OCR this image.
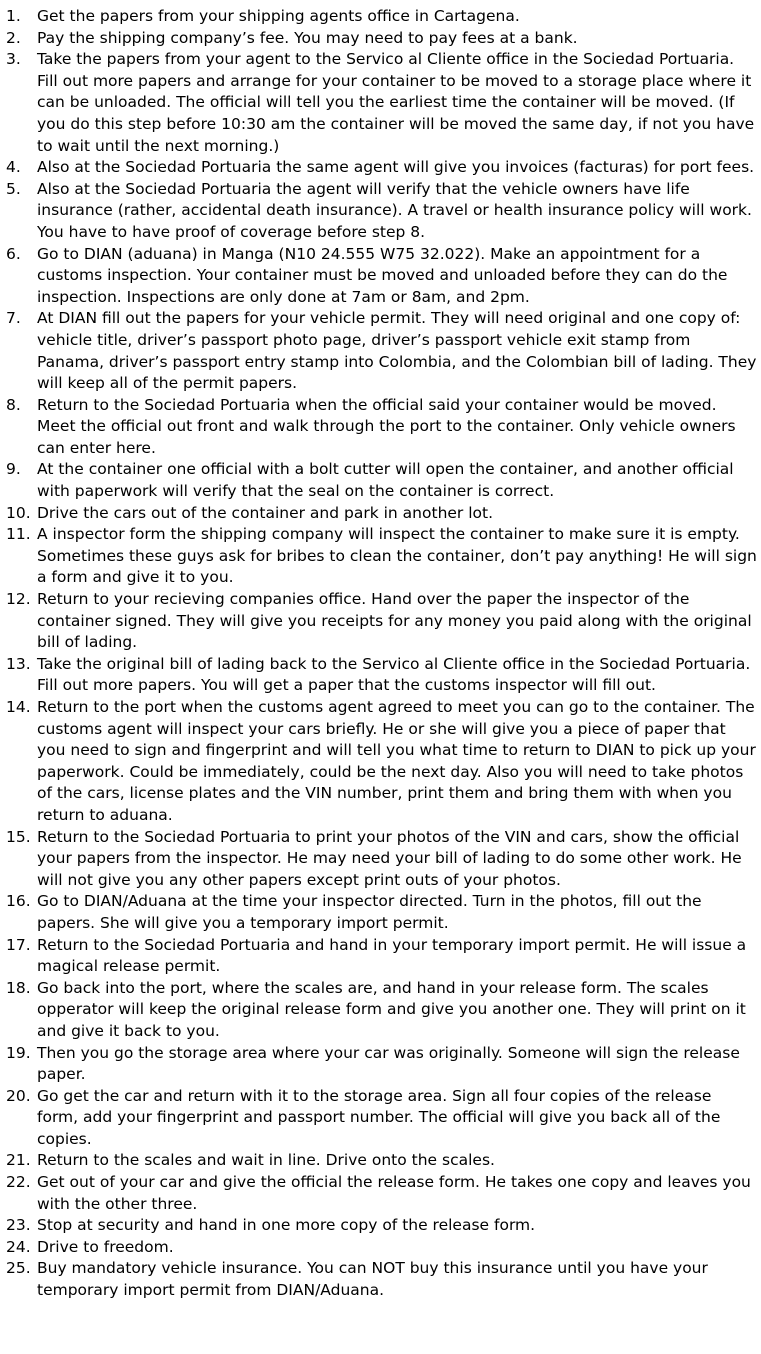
1.	Get the papers from your shipping agents office in Cartagena.
2.	Pay the shipping company’s fee. You may need to pay fees at a bank.
3.	Take the papers from your agent to the Servico al Cliente office in the Sociedad Portuaria. Fill out more papers and arrange for your container to be moved to a storage place where it can be unloaded. The official will tell you the earliest time the container will be moved. (If you do this step before 10:30 am the container will be moved the same day, if not you have to wait until the next morning.)
4.	Also at the Sociedad Portuaria the same agent will give you invoices (facturas) for port fees.
5.	Also at the Sociedad Portuaria the agent will verify that the vehicle owners have life insurance (rather, accidental death insurance). A travel or health insurance policy will work. You have to have proof of coverage before step 8.
6.	Go to DIAN (aduana) in Manga (N10 24.555 W75 32.022). Make an appointment for a customs inspection. Your container must be moved and unloaded before they can do the inspection. Inspections are only done at 7am or 8am, and 2pm.
7.	At DIAN fill out the papers for your vehicle permit. They will need original and one copy of: vehicle title, driver’s passport photo page, driver’s passport vehicle exit stamp from Panama, driver’s passport entry stamp into Colombia, and the Colombian bill of lading. They will keep all of the permit papers.
8.	Return to the Sociedad Portuaria when the official said your container would be moved. Meet the official out front and walk through the port to the container. Only vehicle owners can enter here.
9.	At the container one official with a bolt cutter will open the container, and another official with paperwork will verify that the seal on the container is correct.
10. Drive the cars out of the container and park in another lot.
11. A inspector form the shipping company will inspect the container to make sure it is empty. Sometimes these guys ask for bribes to clean the container, don’t pay anything! He will sign a form and give it to you.
12. Return to your recieving companies office. Hand over the paper the inspector of the container signed. They will give you receipts for any money you paid along with the original bill of lading.
13. Take the original bill of lading back to the Servico al Cliente office in the Sociedad Portuaria. Fill out more papers. You will get a paper that the customs inspector will fill out.
14. Return to the port when the customs agent agreed to meet you can go to the container. The customs agent will inspect your cars briefly. He or she will give you a piece of paper that you need to sign and fingerprint and will tell you what time to return to DIAN to pick up your paperwork. Could be immediately, could be the next day. Also you will need to take photos of the cars, license plates and the VIN number, print them and bring them with when you return to aduana.
15. Return to the Sociedad Portuaria to print your photos of the VIN and cars, show the official your papers from the inspector. He may need your bill of lading to do some other work. He will not give you any other papers except print outs of your photos.
16. Go to DIAN/Aduana at the time your inspector directed. Turn in the photos, fill out the papers. She will give you a temporary import permit.
17. Return to the Sociedad Portuaria and hand in your temporary import permit. He will issue a magical release permit.
18. Go back into the port, where the scales are, and hand in your release form. The scales opperator will keep the original release form and give you another one. They will print on it and give it back to you.
19. Then you go the storage area where your car was originally. Someone will sign the release paper.
20. Go get the car and return with it to the storage area. Sign all four copies of the release form, add your fingerprint and passport number. The official will give you back all of the copies.
21. Return to the scales and wait in line. Drive onto the scales.
22. Get out of your car and give the official the release form. He takes one copy and leaves you with the other three.
23. Stop at security and hand in one more copy of the release form.
24. Drive to freedom.
25. Buy mandatory vehicle insurance. You can NOT buy this insurance until you have your temporary import permit from DIAN/Aduana.
